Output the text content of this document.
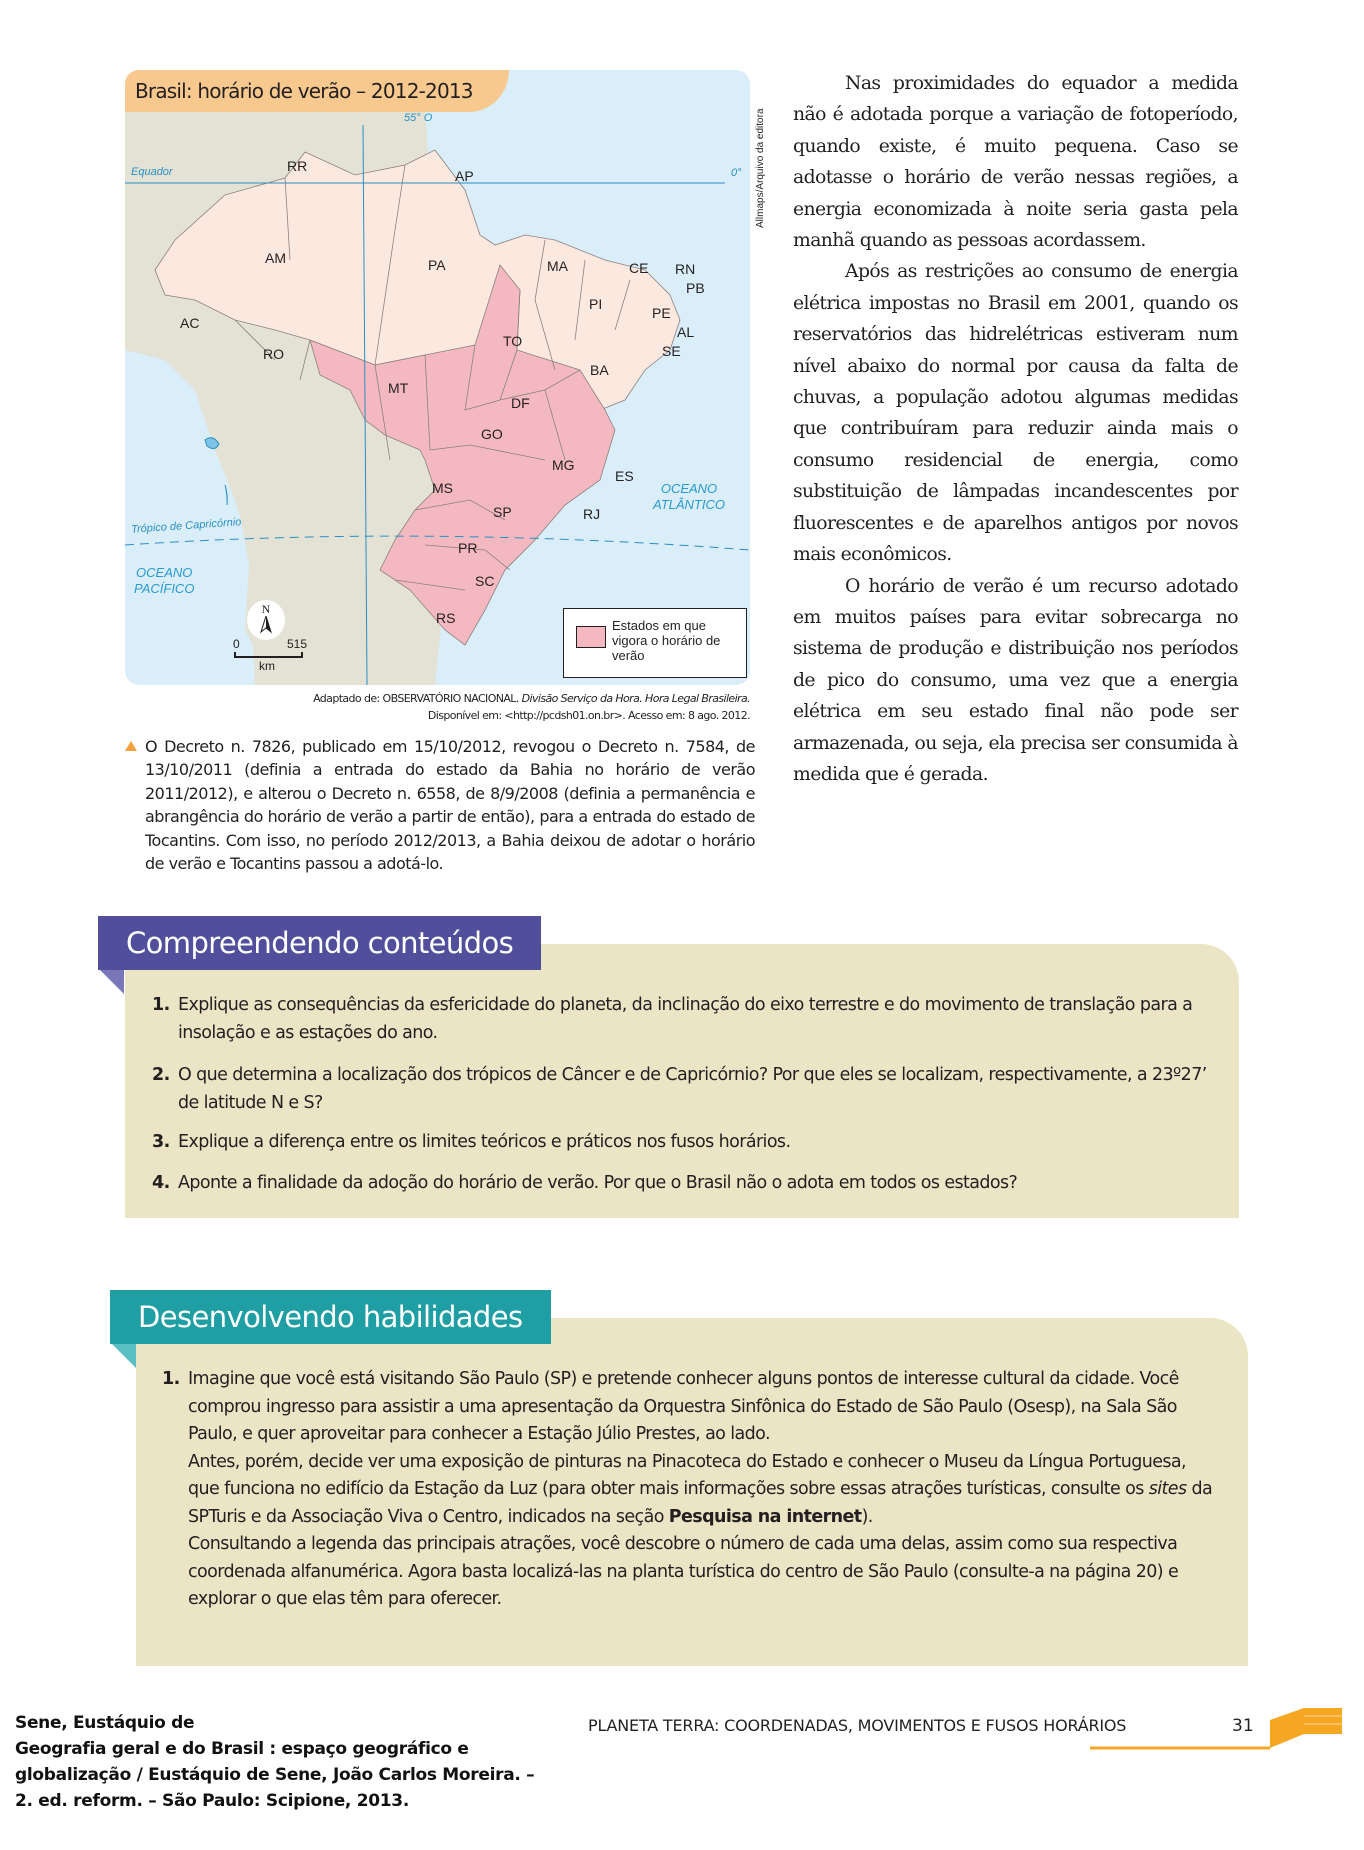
Brasil: horário de verão – 2012-2013
55° O
Equador	0°
Trópico de Capricórnio
OCEANO
ATLÂNTICO
OCEANO
PACÍFICO
RR
AP
AM	PA	MA	CE RN
PB
PI
PE
AL
SE
AC
RO
TO
BA
MT
DF
GO
MG
ES
MS
SP	RJ
PR
SC
RS	Estados em que vigora o horário de verão
N
0	515
km
Allmaps/Arquivo da editora
Adaptado de: OBSERVATÓRIO NACIONAL. Divisão Serviço da Hora. Hora Legal Brasileira.
Disponível em: <http://pcdsh01.on.br>. Acesso em: 8 ago. 2012.

O Decreto n. 7826, publicado em 15/10/2012, revogou o Decreto n. 7584, de 13/10/2011 (definia a entrada do estado da Bahia no horário de verão 2011/2012), e alterou o Decreto n. 6558, de 8/9/2008 (definia a permanência e abrangência do horário de verão a partir de então), para a entrada do estado de Tocantins. Com isso, no período 2012/2013, a Bahia deixou de adotar o horário de verão e Tocantins passou a adotá-lo.

Nas proximidades do equador a medida não é adotada porque a variação de fotoperíodo, quando existe, é muito pequena. Caso se adotasse o horário de verão nessas regiões, a energia economizada à noite seria gasta pela manhã quando as pessoas acordassem.

Após as restrições ao consumo de energia elétrica impostas no Brasil em 2001, quando os reservatórios das hidrelétricas estiveram num nível abaixo do normal por causa da falta de chuvas, a população adotou algumas medidas que contribuíram para reduzir ainda mais o consumo residencial de energia, como substituição de lâmpadas incandescentes por fluorescentes e de aparelhos antigos por novos mais econômicos.

O horário de verão é um recurso adotado em muitos países para evitar sobrecarga no sistema de produção e distribuição nos períodos de pico do consumo, uma vez que a energia elétrica em seu estado final não pode ser armazenada, ou seja, ela precisa ser consumida à medida que é gerada.

Compreendendo conteúdos
1. Explique as consequências da esfericidade do planeta, da inclinação do eixo terrestre e do movimento de translação para a insolação e as estações do ano.

2. O que determina a localização dos trópicos de Câncer e de Capricórnio? Por que eles se localizam, respectivamente, a 23º27’ de latitude N e S?

3. Explique a diferença entre os limites teóricos e práticos nos fusos horários.

4. Aponte a finalidade da adoção do horário de verão. Por que o Brasil não o adota em todos os estados?

Desenvolvendo habilidades
1. Imagine que você está visitando São Paulo (SP) e pretende conhecer alguns pontos de interesse cultural da cidade. Você comprou ingresso para assistir a uma apresentação da Orquestra Sinfônica do Estado de São Paulo (Osesp), na Sala São Paulo, e quer aproveitar para conhecer a Estação Júlio Prestes, ao lado.

Antes, porém, decide ver uma exposição de pinturas na Pinacoteca do Estado e conhecer o Museu da Língua Portuguesa, que funciona no edifício da Estação da Luz (para obter mais informações sobre essas atrações turísticas, consulte os sites da SPTuris e da Associação Viva o Centro, indicados na seção Pesquisa na internet).

Consultando a legenda das principais atrações, você descobre o número de cada uma delas, assim como sua respectiva coordenada alfanumérica. Agora basta localizá-las na planta turística do centro de São Paulo (consulte-a na página 20) e explorar o que elas têm para oferecer.

Sene, Eustáquio de
Geografia geral e do Brasil : espaço geográfico e
globalização / Eustáquio de Sene, João Carlos Moreira. –
2. ed. reform. – São Paulo: Scipione, 2013.
PLANETA TERRA: COORDENADAS, MOVIMENTOS E FUSOS HORÁRIOS	31
